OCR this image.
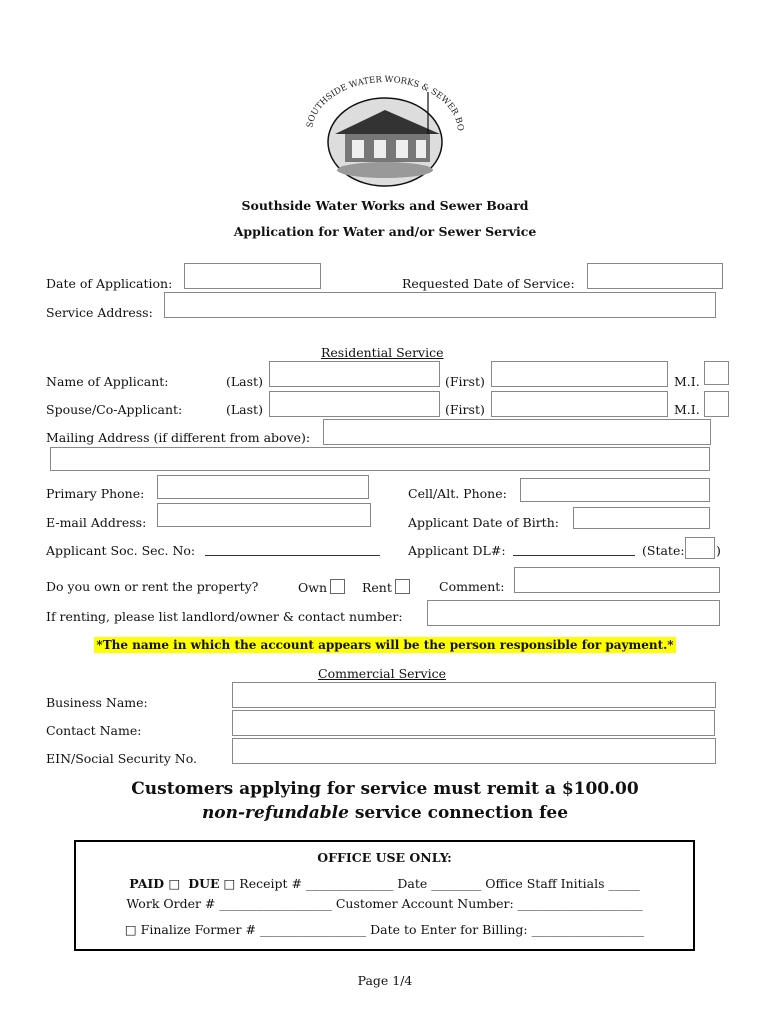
SOUTHSIDE WATER WORKS & SEWER BO
Southside Water Works and Sewer Board
Application for Water and/or Sewer Service
Date of Application:	Requested Date of Service:
Service Address:
Residential Service
Name of Applicant:	(Last)	(First)	M.I.
Spouse/Co-Applicant:	(Last)	(First)	M.I.
Mailing Address (if different from above):
Primary Phone:	Cell/Alt. Phone:
E-mail Address:	Applicant Date of Birth:
Applicant Soc. Sec. No:	Applicant DL#:	(State:	)
Do you own or rent the property?	Own	Rent	Comment:
If renting, please list landlord/owner & contact number:
*The name in which the account appears will be the person responsible for payment.*
Commercial Service
Business Name:
Contact Name:
EIN/Social Security No.
Customers applying for service must remit a $100.00
non-refundable service connection fee
OFFICE USE ONLY:
PAID □ DUE □ Receipt # ______________ Date ________ Office Staff Initials _____
Work Order # __________________ Customer Account Number: ____________________
□ Finalize Former # _________________ Date to Enter for Billing: __________________
Page 1/4
